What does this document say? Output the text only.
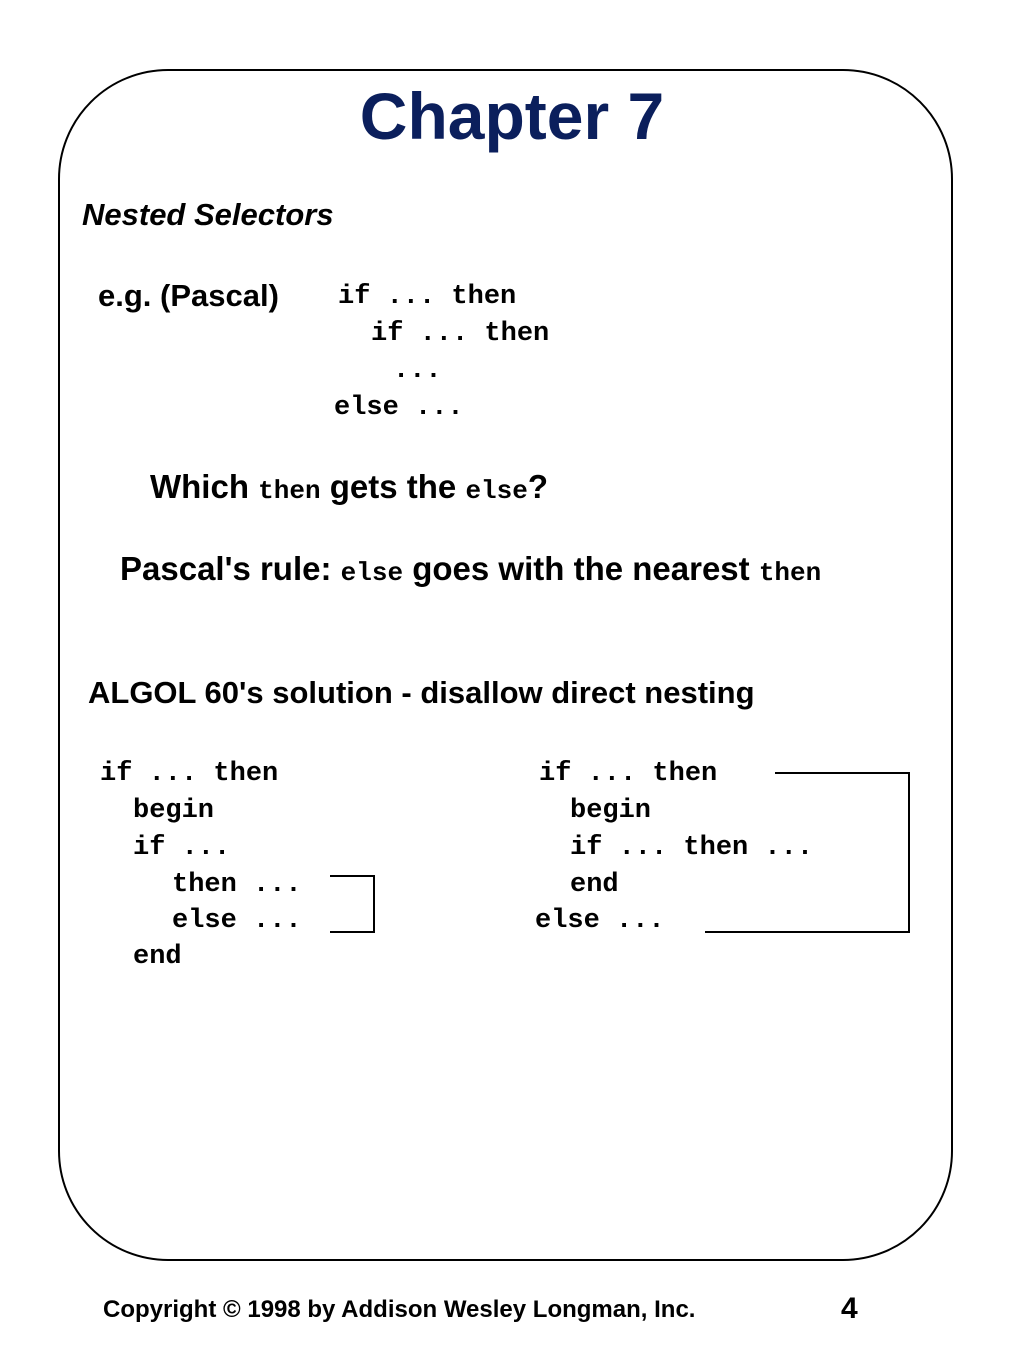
Chapter 7
Nested Selectors
e.g. (Pascal) if ... then
if ... then
...
else ...
Which then gets the else?
Pascal's rule: else goes with the nearest then
ALGOL 60's solution - disallow direct nesting
if ... then
begin
if ...
then ...
else ...
end
if ... then
begin
if ... then ...
end
else ...
Copyright © 1998 by Addison Wesley Longman, Inc.	4
